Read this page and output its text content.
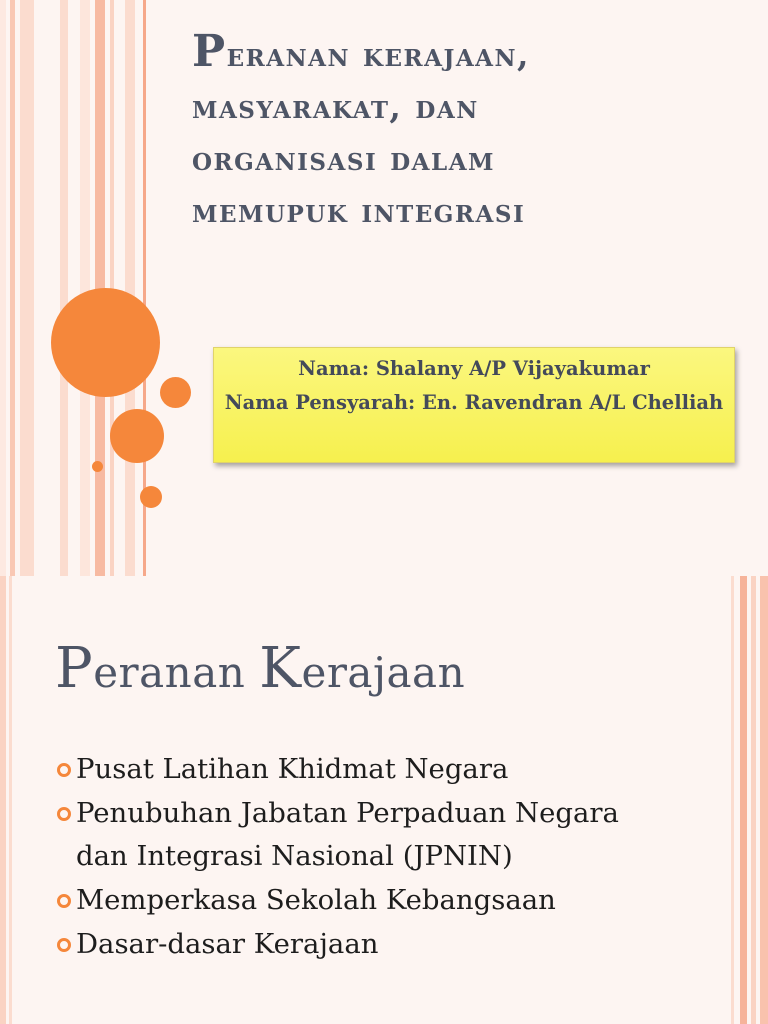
Peranan kerajaan,
masyarakat, dan
organisasi dalam
memupuk integrasi
Nama: Shalany A/P Vijayakumar
Nama Pensyarah: En. Ravendran A/L Chelliah
Peranan Kerajaan
Pusat Latihan Khidmat Negara
Penubuhan Jabatan Perpaduan Negara dan Integrasi Nasional (JPNIN)
Memperkasa Sekolah Kebangsaan
Dasar-dasar Kerajaan
